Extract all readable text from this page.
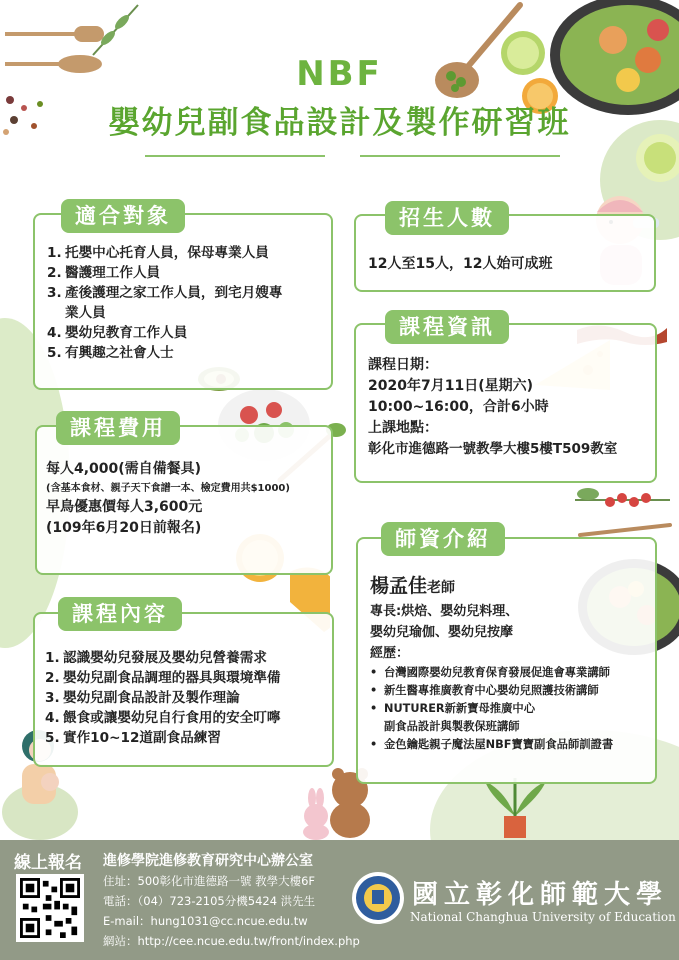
NBF
嬰幼兒副食品設計及製作研習班
1. 托嬰中心托育人員，保母專業人員
2. 醫護理工作人員
3. 產後護理之家工作人員，到宅月嫂專業人員
4. 嬰幼兒教育工作人員
5. 有興趣之社會人士
適合對象
12人至15人，12人始可成班
招生人數
課程日期：
2020年7月11日(星期六)
10:00~16:00，合計6小時
上課地點：
彰化市進德路一號教學大樓5樓T509教室
課程資訊
每人4,000(需自備餐具)
(含基本食材、親子天下食譜一本、檢定費用共$1000)
早鳥優惠價每人3,600元
(109年6月20日前報名)
課程費用
1. 認識嬰幼兒發展及嬰幼兒營養需求
2. 嬰幼兒副食品調理的器具與環境準備
3. 嬰幼兒副食品設計及製作理論
4. 餵食或讓嬰幼兒自行食用的安全叮嚀
5. 實作10~12道副食品練習
課程內容
楊孟佳老師
專長:烘焙、嬰幼兒料理、
嬰幼兒瑜伽、嬰幼兒按摩
經歷：
• 台灣國際嬰幼兒教育保育發展促進會專業講師
• 新生醫專推廣教育中心嬰幼兒照護技術講師
• NUTURER新新寶母推廣中心
副食品設計與製教保班講師
• 金色鑰匙親子魔法屋NBF寶寶副食品師訓證書
師資介紹
線上報名 進修學院進修教育研究中心辦公室
住址：500彰化市進德路一號 教學大樓6F
電話：（04）723-2105分機5424 洪先生
E-mail：hung1031@cc.ncue.edu.tw
網站：http://cee.ncue.edu.tw/front/index.php
國立彰化師範大學
National Changhua University of Education
